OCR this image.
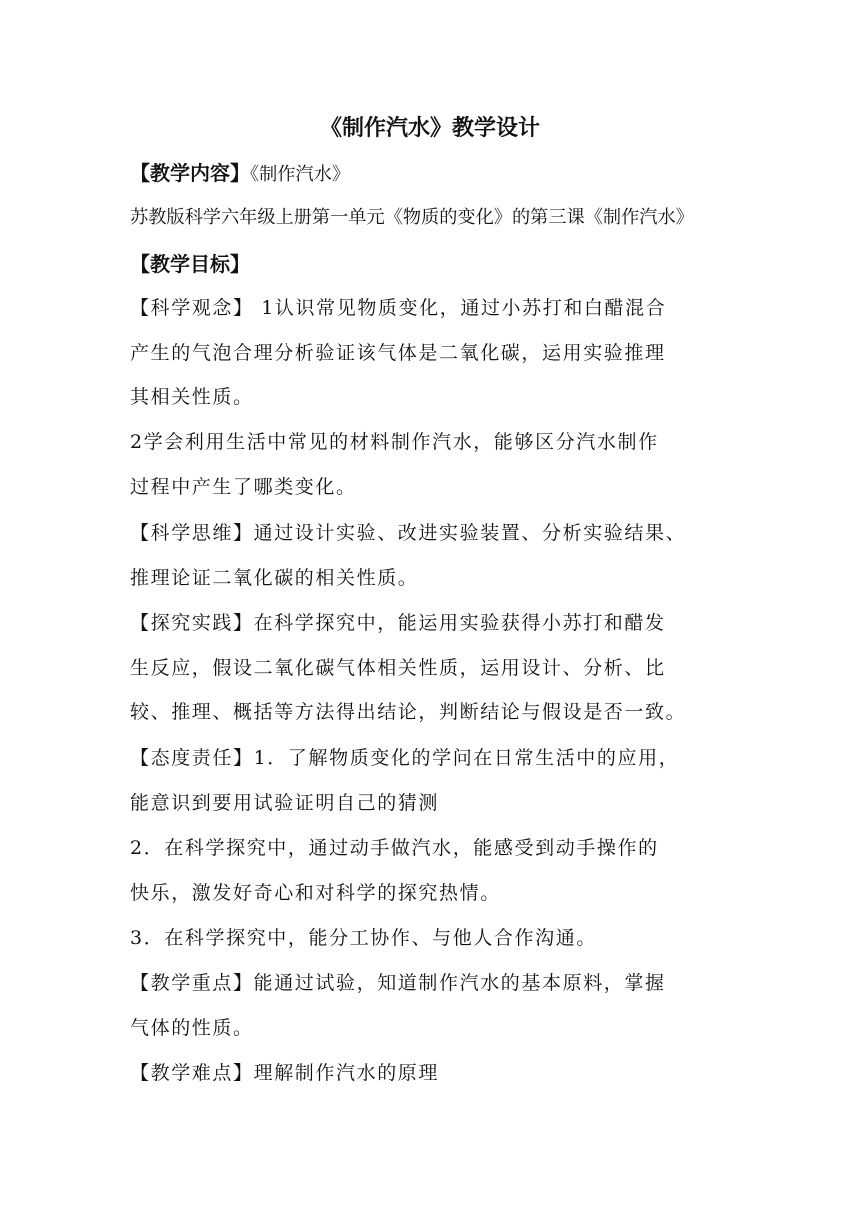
《制作汽水》教学设计
【教学内容】《制作汽水》
苏教版科学六年级上册第一单元《物质的变化》的第三课《制作汽水》
【教学目标】
【科学观念】 1认识常见物质变化，通过小苏打和白醋混合
产生的气泡合理分析验证该气体是二氧化碳，运用实验推理
其相关性质。
2学会利用生活中常见的材料制作汽水，能够区分汽水制作
过程中产生了哪类变化。
【科学思维】通过设计实验、改进实验装置、分析实验结果、
推理论证二氧化碳的相关性质。
【探究实践】在科学探究中，能运用实验获得小苏打和醋发
生反应，假设二氧化碳气体相关性质，运用设计、分析、比
较、推理、概括等方法得出结论，判断结论与假设是否一致。
【态度责任】1．了解物质变化的学问在日常生活中的应用，
能意识到要用试验证明自己的猜测
2．在科学探究中，通过动手做汽水，能感受到动手操作的
快乐，激发好奇心和对科学的探究热情。
3．在科学探究中，能分工协作、与他人合作沟通。
【教学重点】能通过试验，知道制作汽水的基本原料，掌握
气体的性质。
【教学难点】理解制作汽水的原理
